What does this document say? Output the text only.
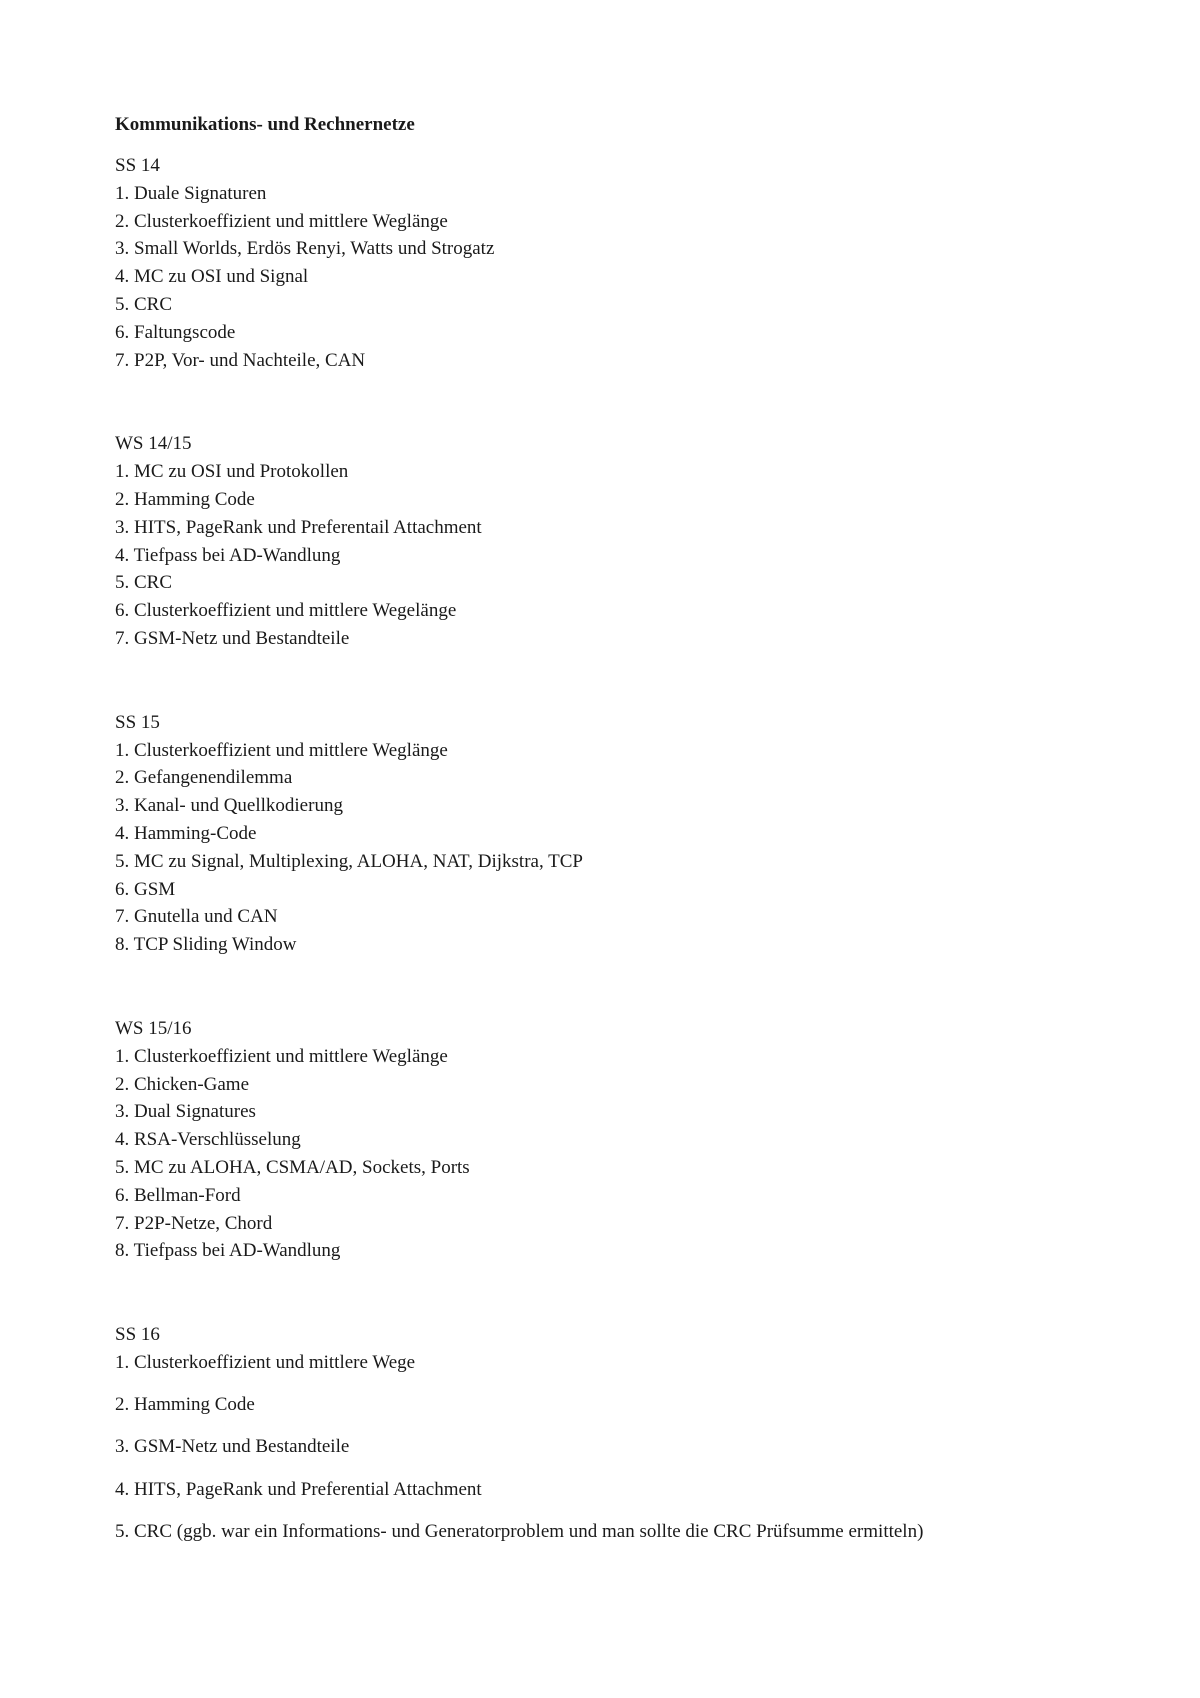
Kommunikations- und Rechnernetze
SS 14
1. Duale Signaturen
2. Clusterkoeffizient und mittlere Weglänge
3. Small Worlds, Erdös Renyi, Watts und Strogatz
4. MC zu OSI und Signal
5. CRC
6. Faltungscode
7. P2P, Vor- und Nachteile, CAN
WS 14/15
1. MC zu OSI und Protokollen
2. Hamming Code
3. HITS, PageRank und Preferentail Attachment
4. Tiefpass bei AD-Wandlung
5. CRC
6. Clusterkoeffizient und mittlere Wegelänge
7. GSM-Netz und Bestandteile
SS 15
1. Clusterkoeffizient und mittlere Weglänge
2. Gefangenendilemma
3. Kanal- und Quellkodierung
4. Hamming-Code
5. MC zu Signal, Multiplexing, ALOHA, NAT, Dijkstra, TCP
6. GSM
7. Gnutella und CAN
8. TCP Sliding Window
WS 15/16
1. Clusterkoeffizient und mittlere Weglänge
2. Chicken-Game
3. Dual Signatures
4. RSA-Verschlüsselung
5. MC zu ALOHA, CSMA/AD, Sockets, Ports
6. Bellman-Ford
7. P2P-Netze, Chord
8. Tiefpass bei AD-Wandlung
SS 16
1. Clusterkoeffizient und mittlere Wege
2. Hamming Code
3. GSM-Netz und Bestandteile
4. HITS, PageRank und Preferential Attachment
5. CRC (ggb. war ein Informations- und Generatorproblem und man sollte die CRC Prüfsumme ermitteln)
